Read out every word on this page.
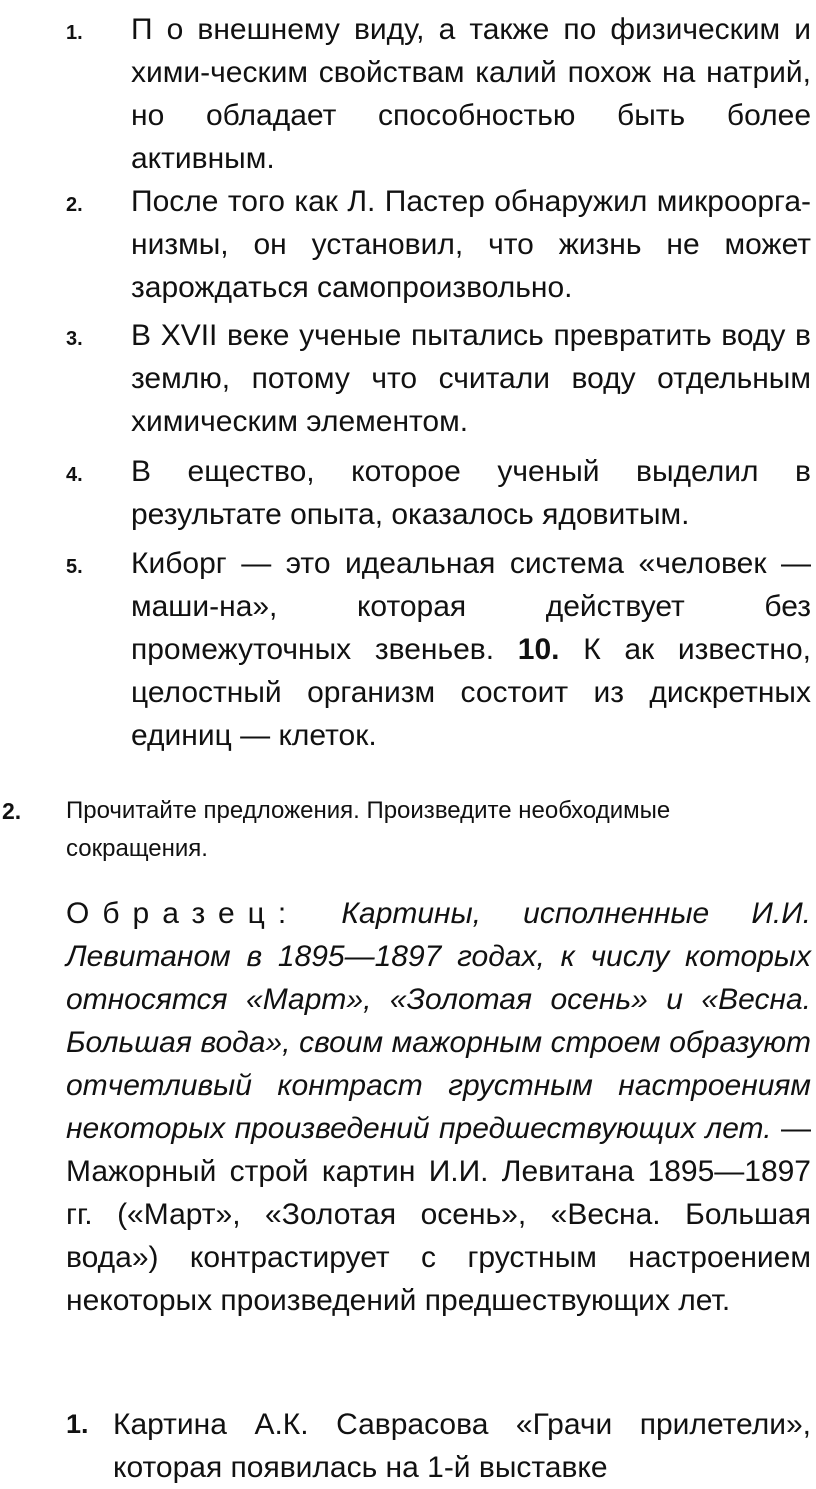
1. П о внешнему виду, а также по физическим и хими-ческим свойствам калий похож на натрий, но обладает способностью быть более активным.
2. После того как Л. Пастер обнаружил микроорга-низмы, он установил, что жизнь не может зарождаться самопроизвольно.
3. В XVII веке ученые пытались превратить воду в землю, потому что считали воду отдельным химическим элементом.
4. В ещество, которое ученый выделил в результате опыта, оказалось ядовитым.
5. Киборг — это идеальная система «человек — маши-на», которая действует без промежуточных звеньев. 10. К ак известно, целостный организм состоит из дискретных единиц — клеток.
2. Прочитайте предложения. Произведите необходимые сокращения.
Образец: Картины, исполненные И.И. Левитаном в 1895—1897 годах, к числу которых относятся «Март», «Золотая осень» и «Весна. Большая вода», своим мажорным строем образуют отчетливый контраст грустным настроениям некоторых произведений предшествующих лет. — Мажорный строй картин И.И. Левитана 1895—1897 гг. («Март», «Золотая осень», «Весна. Большая вода») контрастирует с грустным настроением некоторых произведений предшествующих лет.
1. Картина А.К. Саврасова «Грачи прилетели», которая появилась на 1-й выставке
